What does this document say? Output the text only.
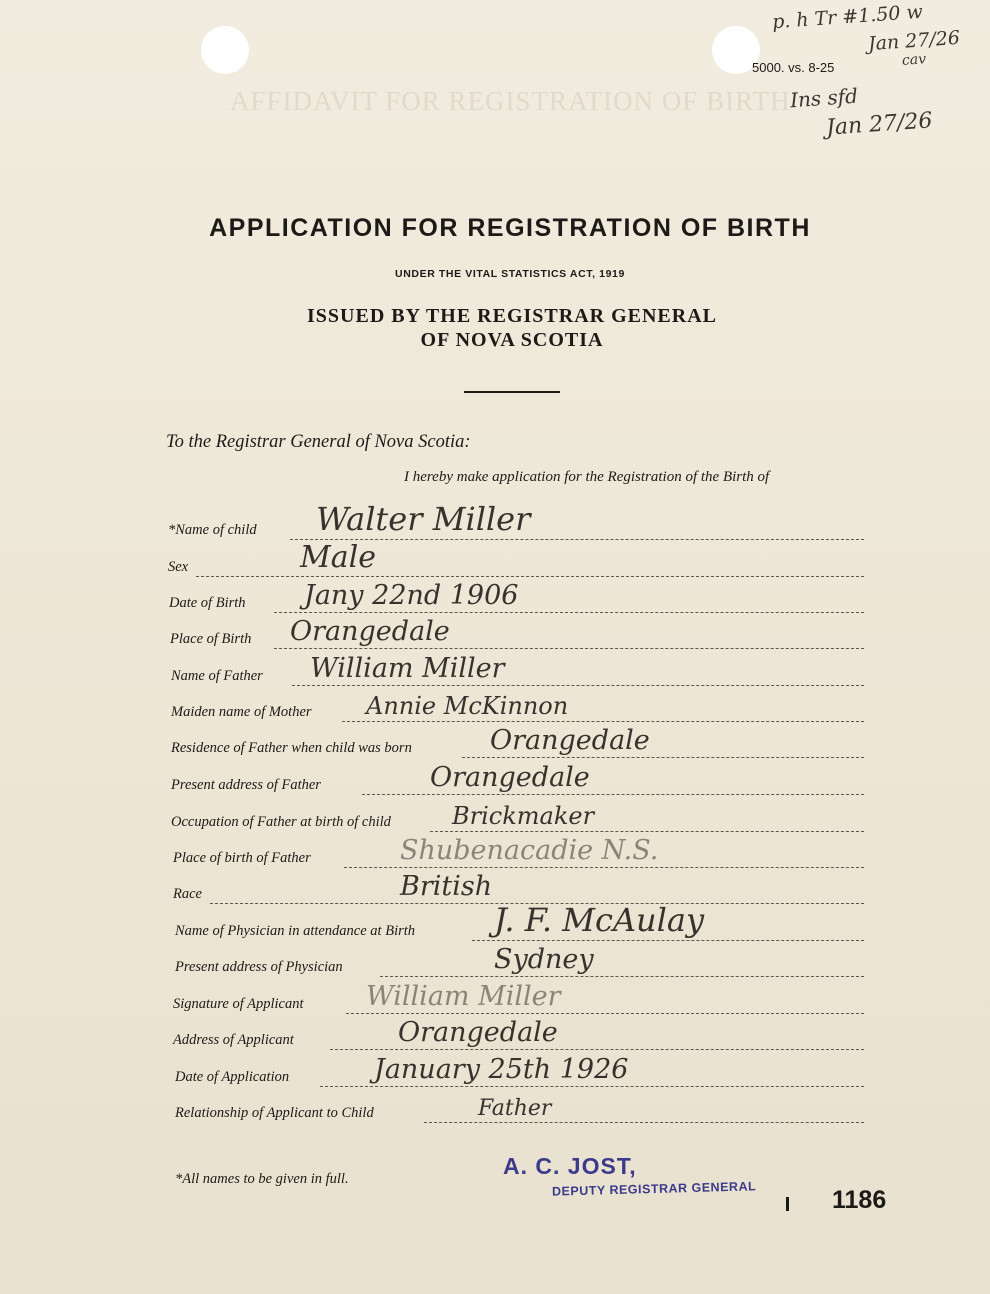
p. h Tr #1.50 w
Jan 27/26
cav
Ins sfd
Jan 27/26
5000. vs. 8-25
AFFIDAVIT FOR REGISTRATION OF BIRTH
APPLICATION FOR REGISTRATION OF BIRTH
UNDER THE VITAL STATISTICS ACT, 1919
ISSUED BY THE REGISTRAR GENERAL
OF NOVA SCOTIA
To the Registrar General of Nova Scotia:
I hereby make application for the Registration of the Birth of
*Name of child Walter Miller
Sex	Male
Date of Birth Jany 22nd 1906
Place of Birth Orangedale
Name of Father William Miller
Maiden name of Mother Annie McKinnon
Residence of Father when child was born	Orangedale
Present address of Father	Orangedale
Occupation of Father at birth of child	Brickmaker
Place of birth of Father	Shubenacadie N.S.
Race	British
Name of Physician in attendance at Birth J. F. McAulay
Present address of Physician	Sydney
Signature of Applicant William Miller
Address of Applicant	Orangedale
Date of Application	January 25th 1926
Relationship of Applicant to Child	Father
*All names to be given in full.	A. C. JOST,
DEPUTY REGISTRAR GENERAL	1186
